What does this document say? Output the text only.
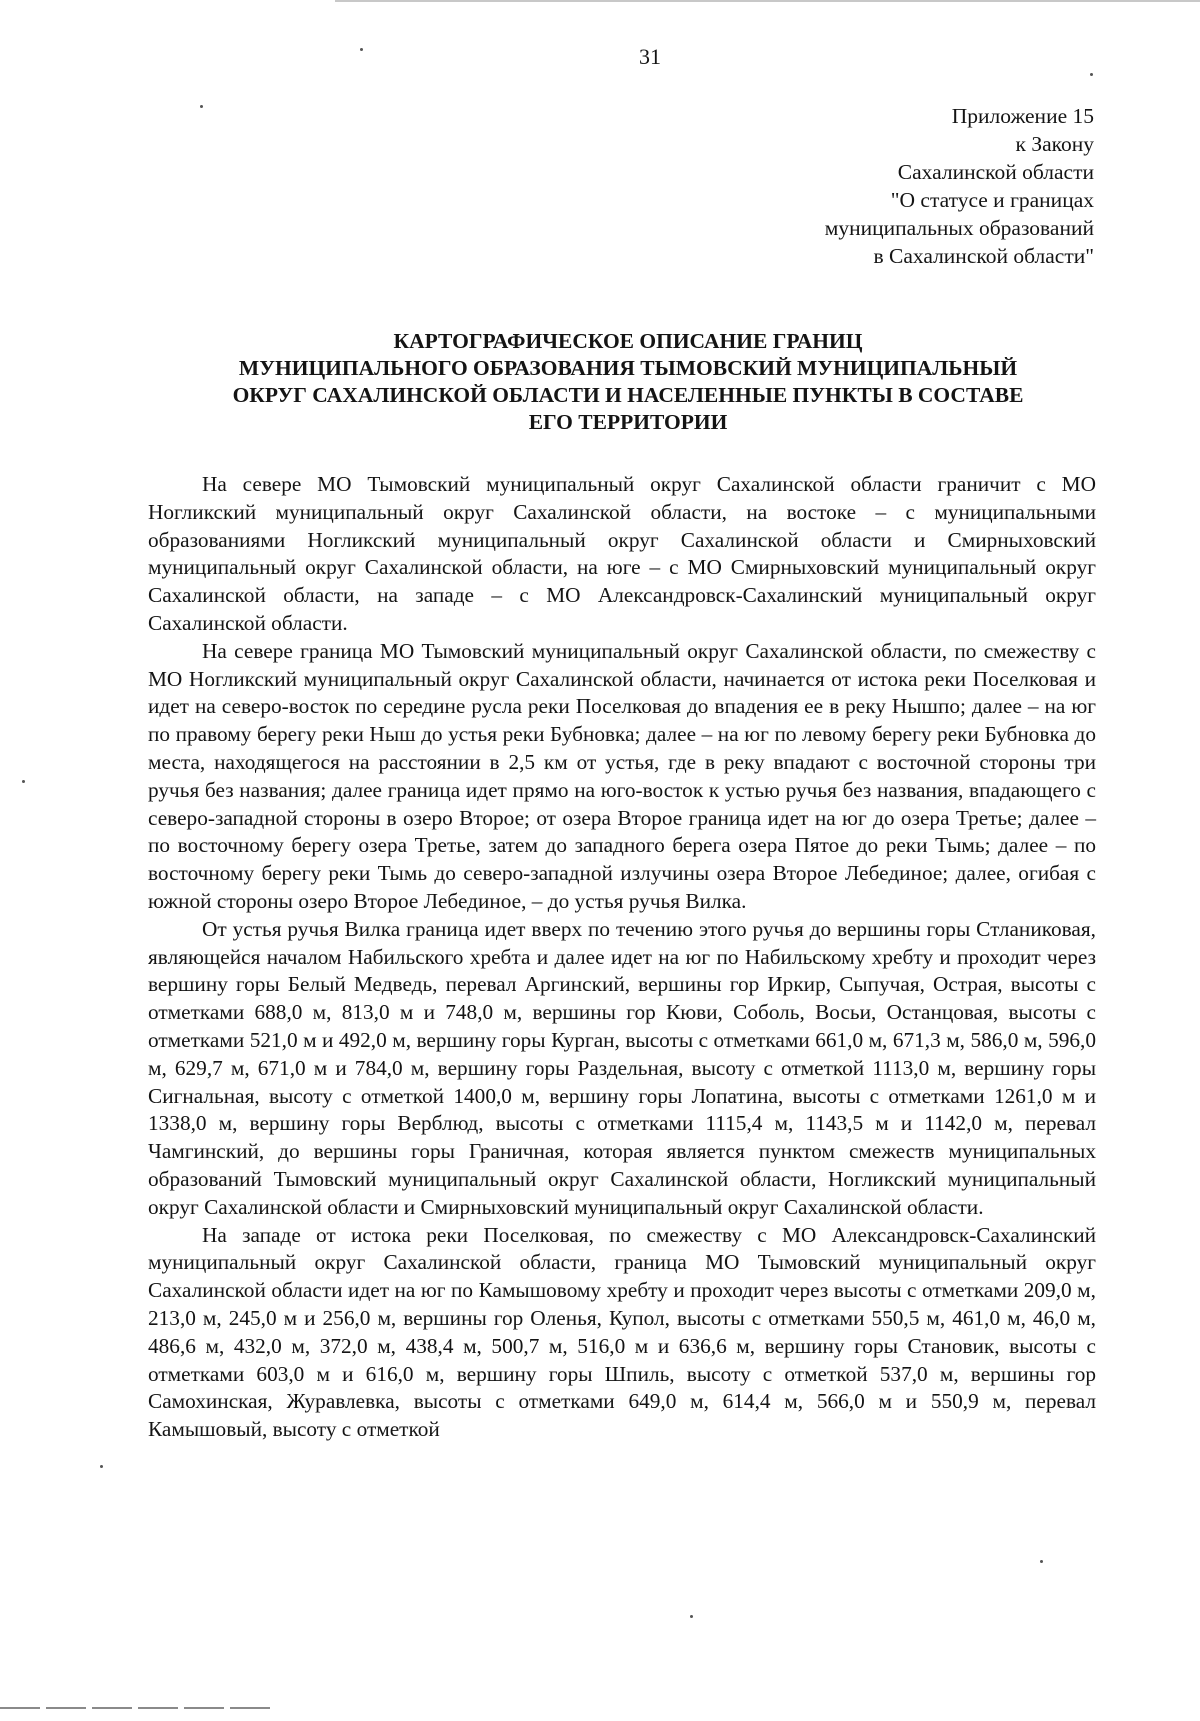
31
Приложение 15
к Закону
Сахалинской области
"О статусе и границах
муниципальных образований
в Сахалинской области"
КАРТОГРАФИЧЕСКОЕ ОПИСАНИЕ ГРАНИЦ
МУНИЦИПАЛЬНОГО ОБРАЗОВАНИЯ ТЫМОВСКИЙ МУНИЦИПАЛЬНЫЙ
ОКРУГ САХАЛИНСКОЙ ОБЛАСТИ И НАСЕЛЕННЫЕ ПУНКТЫ В СОСТАВЕ
ЕГО ТЕРРИТОРИИ

На севере МО Тымовский муниципальный округ Сахалинской области граничит с МО Ногликский муниципальный округ Сахалинской области, на востоке – с муниципальными образованиями Ногликский муниципальный округ Сахалинской области и Смирныховский муниципальный округ Сахалинской области, на юге – с МО Смирныховский муниципальный округ Сахалинской области, на западе – с МО Александровск-Сахалинский муниципальный округ Сахалинской области.

На севере граница МО Тымовский муниципальный округ Сахалинской области, по смежеству с МО Ногликский муниципальный округ Сахалинской области, начинается от истока реки Поселковая и идет на северо-восток по середине русла реки Поселковая до впадения ее в реку Нышпо; далее – на юг по правому берегу реки Ныш до устья реки Бубновка; далее – на юг по левому берегу реки Бубновка до места, находящегося на расстоянии в 2,5 км от устья, где в реку впадают с восточной стороны три ручья без названия; далее граница идет прямо на юго-восток к устью ручья без названия, впадающего с северо-западной стороны в озеро Второе; от озера Второе граница идет на юг до озера Третье; далее – по восточному берегу озера Третье, затем до западного берега озера Пятое до реки Тымь; далее – по восточному берегу реки Тымь до северо-западной излучины озера Второе Лебединое; далее, огибая с южной стороны озеро Второе Лебединое, – до устья ручья Вилка.

От устья ручья Вилка граница идет вверх по течению этого ручья до вершины горы Стланиковая, являющейся началом Набильского хребта и далее идет на юг по Набильскому хребту и проходит через вершину горы Белый Медведь, перевал Аргинский, вершины гор Иркир, Сыпучая, Острая, высоты с отметками 688,0 м, 813,0 м и 748,0 м, вершины гор Кюви, Соболь, Восьи, Останцовая, высоты с отметками 521,0 м и 492,0 м, вершину горы Курган, высоты с отметками 661,0 м, 671,3 м, 586,0 м, 596,0 м, 629,7 м, 671,0 м и 784,0 м, вершину горы Раздельная, высоту с отметкой 1113,0 м, вершину горы Сигнальная, высоту с отметкой 1400,0 м, вершину горы Лопатина, высоты с отметками 1261,0 м и 1338,0 м, вершину горы Верблюд, высоты с отметками 1115,4 м, 1143,5 м и 1142,0 м, перевал Чамгинский, до вершины горы Граничная, которая является пунктом смежеств муниципальных образований Тымовский муниципальный округ Сахалинской области, Ногликский муниципальный округ Сахалинской области и Смирныховский муниципальный округ Сахалинской области.

На западе от истока реки Поселковая, по смежеству с МО Александровск-Сахалинский муниципальный округ Сахалинской области, граница МО Тымовский муниципальный округ Сахалинской области идет на юг по Камышовому хребту и проходит через высоты с отметками 209,0 м, 213,0 м, 245,0 м и 256,0 м, вершины гор Оленья, Купол, высоты с отметками 550,5 м, 461,0 м, 46,0 м, 486,6 м, 432,0 м, 372,0 м, 438,4 м, 500,7 м, 516,0 м и 636,6 м, вершину горы Становик, высоты с отметками 603,0 м и 616,0 м, вершину горы Шпиль, высоту с отметкой 537,0 м, вершины гор Самохинская, Журавлевка, высоты с отметками 649,0 м, 614,4 м, 566,0 м и 550,9 м, перевал Камышовый, высоту с отметкой
